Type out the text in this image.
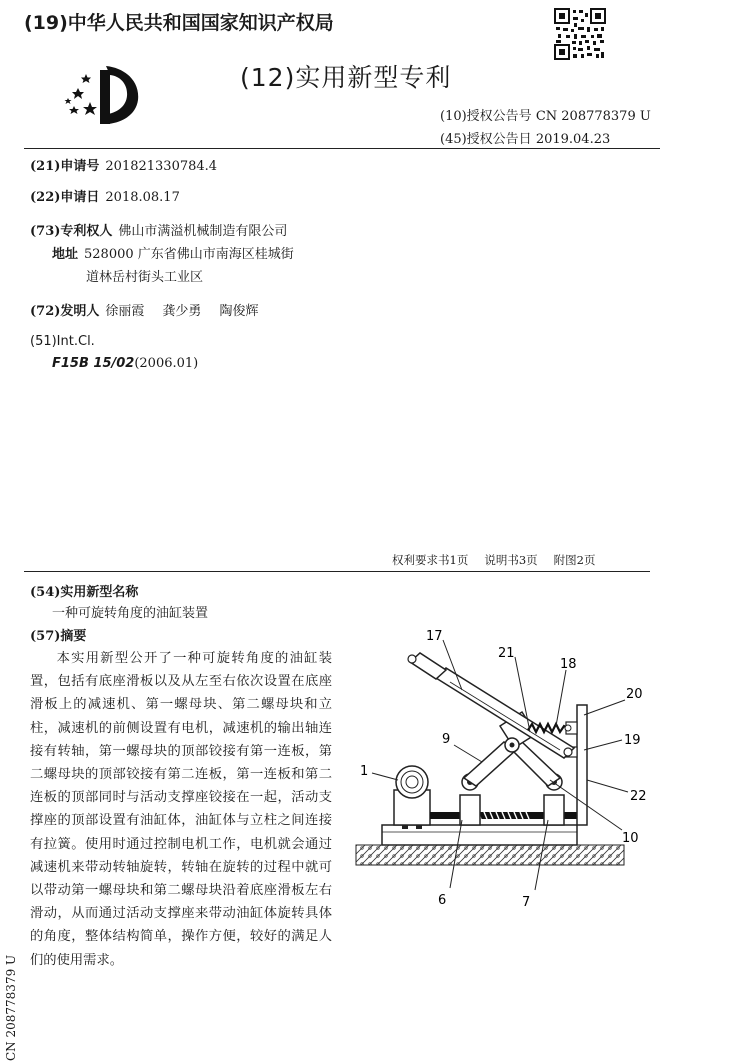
(19)中华人民共和国国家知识产权局
(12)实用新型专利
(10)授权公告号 CN 208778379 U
(45)授权公告日 2019.04.23
(21)申请号 201821330784.4
(22)申请日 2018.08.17
(73)专利权人 佛山市满溢机械制造有限公司
地址 528000 广东省佛山市南海区桂城街
道林岳村街头工业区
(72)发明人 徐丽霞 龚少勇 陶俊辉
(51)Int.Cl.
F15B 15/02(2006.01)
权利要求书1页 说明书3页 附图2页
(54)实用新型名称
一种可旋转角度的油缸装置
(57)摘要

本实用新型公开了一种可旋转角度的油缸装置，包括有底座滑板以及从左至右依次设置在底座滑板上的减速机、第一螺母块、第二螺母块和立柱，减速机的前侧设置有电机，减速机的输出轴连接有转轴，第一螺母块的顶部铰接有第一连板，第二螺母块的顶部铰接有第二连板，第一连板和第二连板的顶部同时与活动支撑座铰接在一起，活动支撑座的顶部设置有油缸体，油缸体与立柱之间连接有拉簧。使用时通过控制电机工作，电机就会通过减速机来带动转轴旋转，转轴在旋转的过程中就可以带动第一螺母块和第二螺母块沿着底座滑板左右滑动，从而通过活动支撑座来带动油缸体旋转具体的角度，整体结构简单，操作方便，较好的满足人们的使用需求。

CN 208778379 U
17
21
18
20
9	19
1
22
10
6	7
